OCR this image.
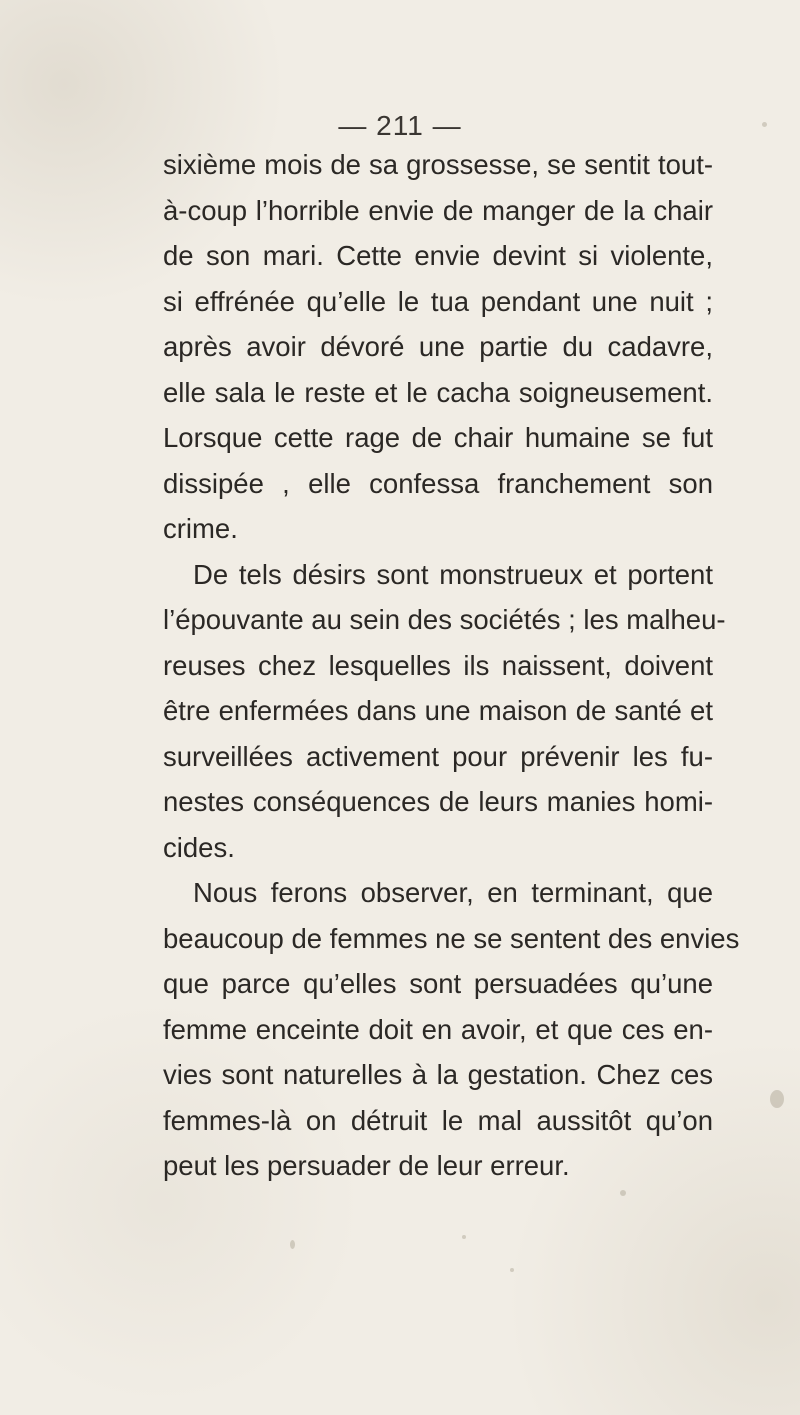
— 211 —
sixième mois de sa grossesse, se sentit tout-
à-coup l’horrible envie de manger de la chair
de son mari. Cette envie devint si violente,
si effrénée qu’elle le tua pendant une nuit ;
après avoir dévoré une partie du cadavre,
elle sala le reste et le cacha soigneusement.
Lorsque cette rage de chair humaine se fut
dissipée , elle confessa franchement son
crime.
De tels désirs sont monstrueux et portent
l’épouvante au sein des sociétés ; les malheu-
reuses chez lesquelles ils naissent, doivent
être enfermées dans une maison de santé et
surveillées activement pour prévenir les fu-
nestes conséquences de leurs manies homi-
cides.
Nous ferons observer, en terminant, que
beaucoup de femmes ne se sentent des envies
que parce qu’elles sont persuadées qu’une
femme enceinte doit en avoir, et que ces en-
vies sont naturelles à la gestation. Chez ces
femmes-là on détruit le mal aussitôt qu’on
peut les persuader de leur erreur.
